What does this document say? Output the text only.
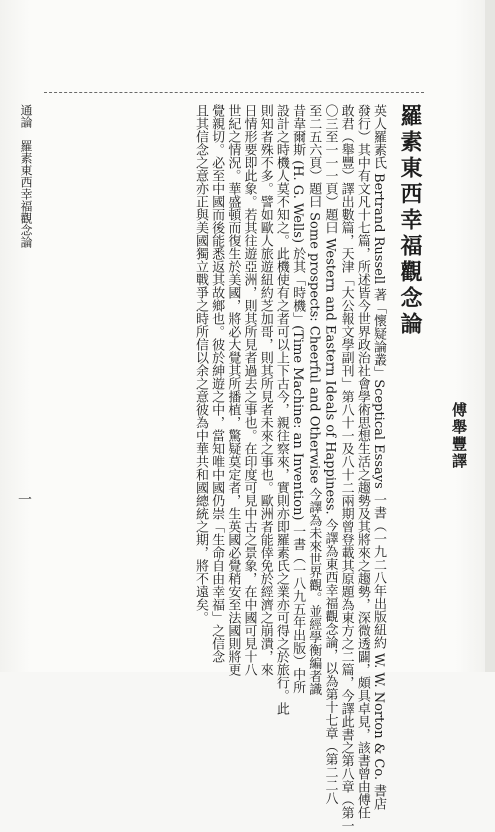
羅素東西幸福觀念論
英人羅素氏 Bertrand Russell 著「懷疑論叢」Sceptical Essays 一書（一九二八年出版紐約 W. W. Norton & Co. 書店
發行）其中有文凡十七篇，所述皆今世界政治社會學術思想生活之趨勢及其將來之趨勢，深微透闢，頗具卓見，該書曾由傅任
敢君（舉豐）譯出數篇，天津「大公報文學副刊」第八十一及八十二兩期曾登載其原題為東方之二篇，今譯此書之第八章（第一
〇三至一一一頁）題曰 Western and Eastern Ideals of Happiness. 今譯為東西幸福觀念論，以為第十七章（第二二八
至二五六頁）題曰 Some prospects: Cheerful and Otherwise 今譯為未來世界觀。並經學衡編者識
昔韋爾斯 (H. G. Wells) 於其「時機」(Time Machine: an Invention) 一書（一八九五年出版）中所
設計之時機人莫不知之。此機使有之者可以上下古今，親往察來，實則亦即羅素氏之業亦可得之於旅行。此
則知者殊不多。譬如歐人旅遊紐約芝加哥，則其所見者未來之事也。歐洲者能倖免於經濟之崩潰，來
日情形要即此象。若其往遊亞洲，則其所見者過去之事也。在印度可見中古之景象，在中國可見十八
世紀之情況。華盛頓而復生於美國，將必大覺其所播植，驚疑莫定者，生英國必覺稍安至法國則將更
覺親切。必至中國而後能悉返其故鄉也。彼於紳遊之中，當知唯中國仍崇「生命自由幸福」之信念
且其信念之意亦正與美國獨立戰爭之時所信以余之意彼為中華共和國總統之期，將不遠矣。	傅舉豐譯
通論　羅素東西幸福觀念論
一
